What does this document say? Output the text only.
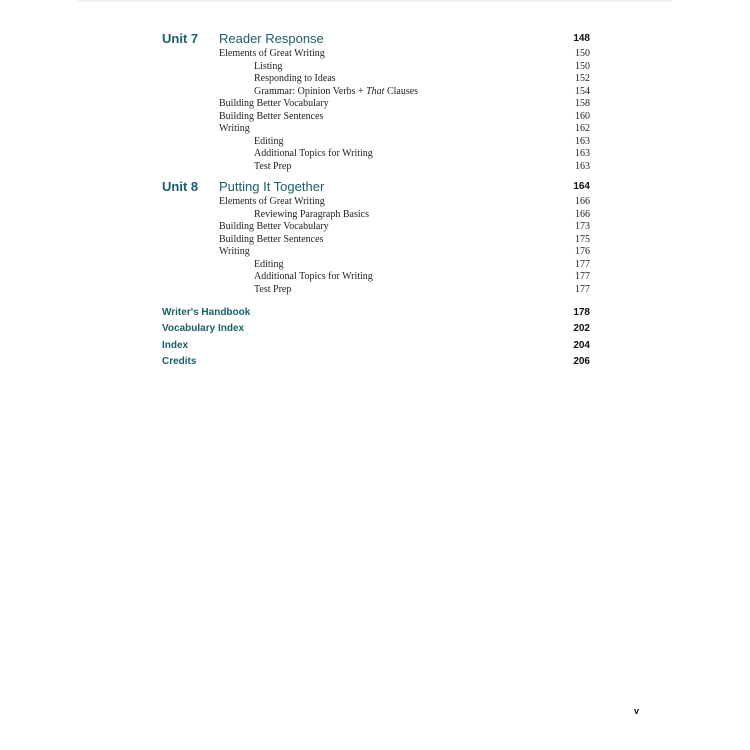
Unit 7 Reader Response	148
Elements of Great Writing	150
Listing	150
Responding to Ideas	152
Grammar: Opinion Verbs + That Clauses	154
Building Better Vocabulary	158
Building Better Sentences	160
Writing	162
Editing	163
Additional Topics for Writing	163
Test Prep	163
Unit 8 Putting It Together	164
Elements of Great Writing	166
Reviewing Paragraph Basics	166
Building Better Vocabulary	173
Building Better Sentences	175
Writing	176
Editing	177
Additional Topics for Writing	177
Test Prep	177
Writer's Handbook	178
Vocabulary Index	202
Index	204
Credits	206
v
